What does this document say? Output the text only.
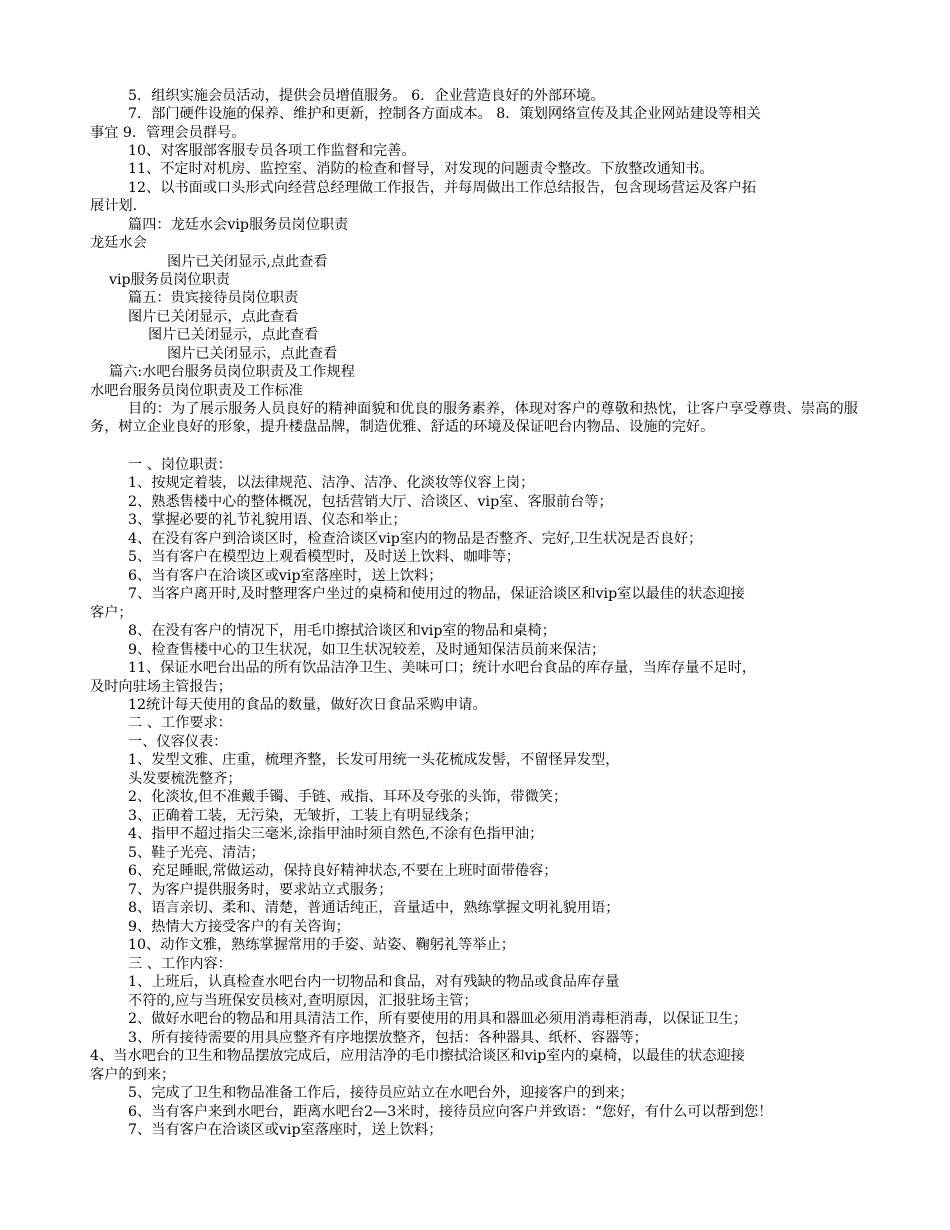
5．组织实施会员活动，提供会员增值服务。 6．企业营造良好的外部环境。
7．部门硬件设施的保养、维护和更新，控制各方面成本。 8．策划网络宣传及其企业网站建设等相关
事宜 9．管理会员群号。
10、对客服部客服专员各项工作监督和完善。
11、不定时对机房、监控室、消防的检查和督导，对发现的问题责令整改。下放整改通知书。
12、以书面或口头形式向经营总经理做工作报告，并每周做出工作总结报告，包含现场营运及客户拓
展计划.
篇四：龙廷水会vip服务员岗位职责
龙廷水会
图片已关闭显示,点此查看
vip服务员岗位职责
篇五：贵宾接待员岗位职责
图片已关闭显示，点此查看
图片已关闭显示，点此查看
图片已关闭显示，点此查看
篇六:水吧台服务员岗位职责及工作规程
水吧台服务员岗位职责及工作标准
目的：为了展示服务人员良好的精神面貌和优良的服务素养，体现对客户的尊敬和热忱，让客户享受尊贵、崇高的服务，树立企业良好的形象，提升楼盘品牌，制造优雅、舒适的环境及保证吧台内物品、设施的完好。
一 、岗位职责：
1、按规定着装，以法律规范、洁净、洁净、化淡妆等仪容上岗；
2、熟悉售楼中心的整体概况，包括营销大厅、洽谈区、vip室、客服前台等；
3、掌握必要的礼节礼貌用语、仪态和举止；
4、在没有客户到洽谈区时，检查洽谈区vip室内的物品是否整齐、完好,卫生状况是否良好；
5、当有客户在模型边上观看模型时，及时送上饮料、咖啡等；
6、当有客户在洽谈区或vip室落座时，送上饮料；
7、当客户离开时,及时整理客户坐过的桌椅和使用过的物品，保证洽谈区和vip室以最佳的状态迎接
客户；
8、在没有客户的情况下，用毛巾擦拭洽谈区和vip室的物品和桌椅；
9、检查售楼中心的卫生状况，如卫生状况较差，及时通知保洁员前来保洁；
11、保证水吧台出品的所有饮品洁净卫生、美味可口；统计水吧台食品的库存量，当库存量不足时，
及时向驻场主管报告；
12统计每天使用的食品的数量，做好次日食品采购申请。
二 、工作要求：
一、仪容仪表：
1、发型文雅、庄重，梳理齐整，长发可用统一头花梳成发髻，不留怪异发型，
头发要梳洗整齐；
2、化淡妆,但不准戴手镯、手链、戒指、耳环及夸张的头饰，带微笑；
3、正确着工装，无污染，无皱折，工装上有明显线条；
4、指甲不超过指尖三毫米,涂指甲油时须自然色,不涂有色指甲油；
5、鞋子光亮、清洁；
6、充足睡眠,常做运动，保持良好精神状态,不要在上班时面带倦容；
7、为客户提供服务时，要求站立式服务；
8、语言亲切、柔和、清楚，普通话纯正，音量适中，熟练掌握文明礼貌用语；
9、热情大方接受客户的有关咨询；
10、动作文雅，熟练掌握常用的手姿、站姿、鞠躬礼等举止；
三 、工作内容：
1、上班后，认真检查水吧台内一切物品和食品，对有残缺的物品或食品库存量
不符的,应与当班保安员核对,查明原因，汇报驻场主管；
2、做好水吧台的物品和用具清洁工作，所有要使用的用具和器皿必须用消毒柜消毒，以保证卫生；
3、所有接待需要的用具应整齐有序地摆放整齐，包括：各种器具、纸杯、容器等；
4、当水吧台的卫生和物品摆放完成后，应用洁净的毛巾擦拭洽谈区和vip室内的桌椅，以最佳的状态迎接
客户的到来；
5、完成了卫生和物品准备工作后，接待员应站立在水吧台外，迎接客户的到来；
6、当有客户来到水吧台，距离水吧台2—3米时，接待员应向客户并致语：“您好，有什么可以帮到您！
7、当有客户在洽谈区或vip室落座时，送上饮料；
